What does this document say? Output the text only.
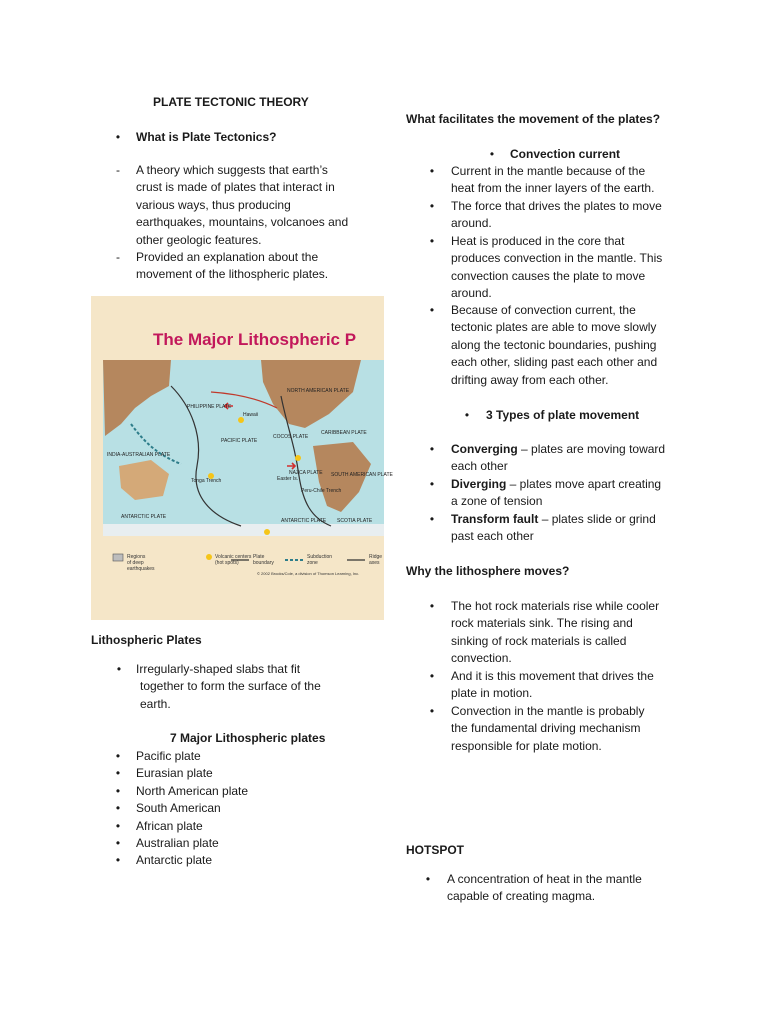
PLATE TECTONIC THEORY
• What is Plate Tectonics?
- A theory which suggests that earth’s

crust is made of plates that interact in

various ways, thus producing

earthquakes, mountains, volcanoes and

other geologic features.

- Provided an explanation about the

movement of the lithospheric plates.

The Major Lithospheric P
PACIFIC PLATE
PHILIPPINE PLATE
NORTH AMERICAN PLATE
CARIBBEAN PLATE
COCOS PLATE
NAZCA PLATE SOUTH AMERICAN PLATE
INDIA-AUSTRALIAN PLATE
ANTARCTIC PLATE
ANTARCTIC PLATE SCOTIA PLATE
Hawaii
Easter Is.
Tonga Trench
Peru-Chile Trench
Regions
of deep
earthquakes
Volcanic centers
(hot spots)
Plate
boundary
Subduction
zone
Ridge
axes
© 2002 Brooks/Cole, a division of Thomson Learning, Inc.
Lithospheric Plates
• Irregularly-shaped slabs that fit

together to form the surface of the

earth.

7 Major Lithospheric plates
• Pacific plate
• Eurasian plate
• North American plate
• South American
• African plate
• Australian plate
• Antarctic plate
What facilitates the movement of the plates?
• Convection current
• Current in the mantle because of the

heat from the inner layers of the earth.

• The force that drives the plates to move

around.

• Heat is produced in the core that

produces convection in the mantle. This

convection causes the plate to move

around.

• Because of convection current, the

tectonic plates are able to move slowly

along the tectonic boundaries, pushing

each other, sliding past each other and

drifting away from each other.

• 3 Types of plate movement
• Converging – plates are moving toward

each other

• Diverging – plates move apart creating

a zone of tension

• Transform fault – plates slide or grind

past each other

Why the lithosphere moves?
• The hot rock materials rise while cooler

rock materials sink. The rising and

sinking of rock materials is called

convection.

• And it is this movement that drives the

plate in motion.

• Convection in the mantle is probably

the fundamental driving mechanism

responsible for plate motion.

HOTSPOT
• A concentration of heat in the mantle

capable of creating magma.
